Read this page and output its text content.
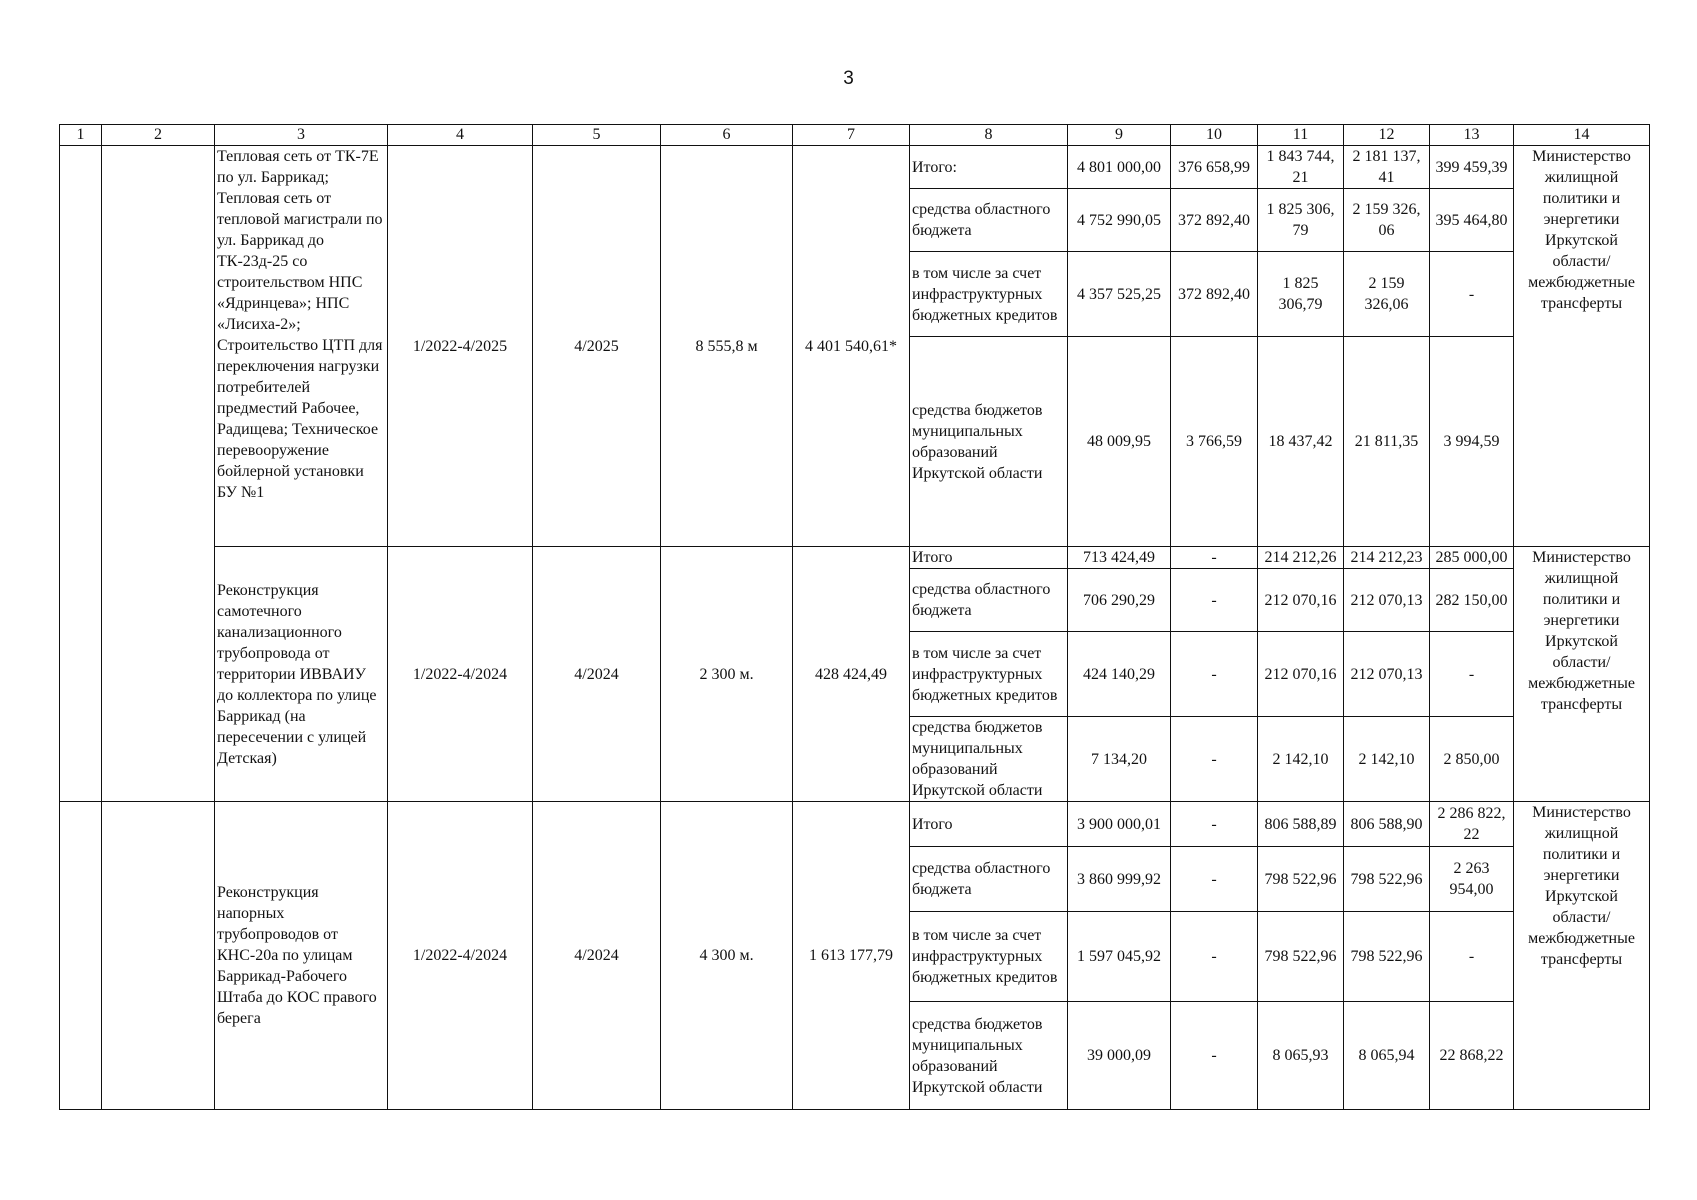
3
1	2	3	4	5	6	7	8	9	10	11	12	13	14
		Тепловая сеть от ТК-7Е по ул. Баррикад; Тепловая сеть от тепловой магистрали по ул. Баррикад до ТК-23д-25 со строительством НПС «Ядринцева»; НПС «Лисиха-2»; Строительство ЦТП для переключения нагрузки потребителей предместий Рабочее, Радищева; Техническое перевооружение бойлерной установки БУ №1	1/2022-4/2025	4/2025	8 555,8 м	4 401 540,61*	Итого:	4 801 000,00	376 658,99	1 843 744, 21	2 181 137, 41	399 459,39	Министерство жилищной политики и энергетики Иркутской области/ межбюджетные трансферты
							средства областного бюджета	4 752 990,05	372 892,40	1 825 306, 79	2 159 326, 06	395 464,80	
							в том числе за счет инфраструктурных бюджетных кредитов	4 357 525,25	372 892,40	1 825 306,79	2 159 326,06	-	
							средства бюджетов муниципальных образований Иркутской области	48 009,95	3 766,59	18 437,42	21 811,35	3 994,59	
		Реконструкция самотечного канализационного трубопровода от территории ИВВАИУ до коллектора по улице Баррикад (на пересечении с улицей Детская)	1/2022-4/2024	4/2024	2 300 м.	428 424,49	Итого	713 424,49	-	214 212,26	214 212,23	285 000,00	Министерство жилищной политики и энергетики Иркутской области/ межбюджетные трансферты
							средства областного бюджета	706 290,29	-	212 070,16	212 070,13	282 150,00	
							в том числе за счет инфраструктурных бюджетных кредитов	424 140,29	-	212 070,16	212 070,13	-	
							средства бюджетов муниципальных образований Иркутской области	7 134,20	-	2 142,10	2 142,10	2 850,00	
		Реконструкция напорных трубопроводов от КНС-20а по улицам Баррикад-Рабочего Штаба до КОС правого берега	1/2022-4/2024	4/2024	4 300 м.	1 613 177,79	Итого	3 900 000,01	-	806 588,89	806 588,90	2 286 822, 22	Министерство жилищной политики и энергетики Иркутской области/ межбюджетные трансферты
							средства областного бюджета	3 860 999,92	-	798 522,96	798 522,96	2 263 954,00	
							в том числе за счет инфраструктурных бюджетных кредитов	1 597 045,92	-	798 522,96	798 522,96	-	
							средства бюджетов муниципальных образований Иркутской области	39 000,09	-	8 065,93	8 065,94	22 868,22	
